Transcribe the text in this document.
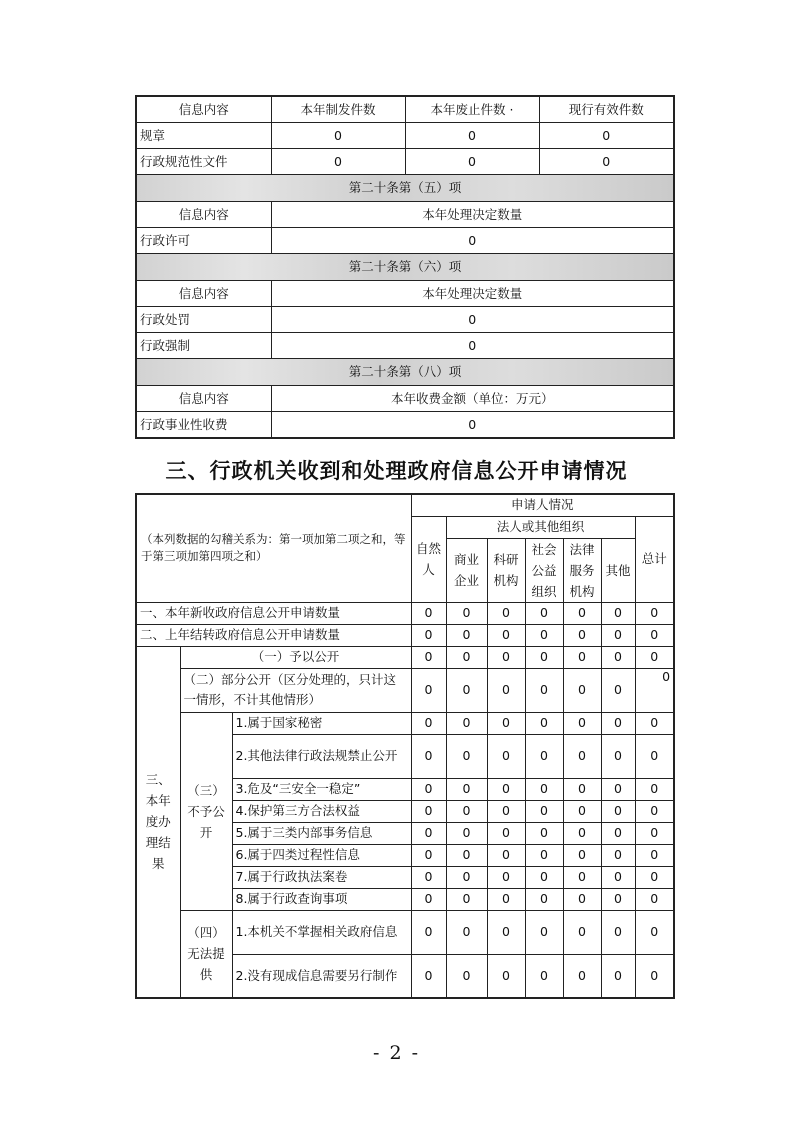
信息内容	本年制发件数	本年废止件数 ·	现行有效件数
规章	0	0	0
行政规范性文件	0	0	0
第二十条第（五）项			
信息内容	本年处理决定数量		
行政许可	0		
第二十条第（六）项			
信息内容	本年处理决定数量		
行政处罚	0		
行政强制	0		
第二十条第（八）项			
信息内容	本年收费金额（单位：万元）		
行政事业性收费	0		
三、行政机关收到和处理政府信息公开申请情况
（本列数据的勾稽关系为：第一项加第二项之和，等于第三项加第四项之和）			申请人情况						
			自然人	法人或其他组织					总计
				商业企业	科研机构	社会公益组织	法律服务机构	其他	
一、本年新收政府信息公开申请数量			0	0	0	0	0	0	0
二、上年结转政府信息公开申请数量			0	0	0	0	0	0	0
三、本年度办理结果	（一）予以公开		0	0	0	0	0	0	0
	（二）部分公开（区分处理的，只计这一情形，不计其他情形）		0	0	0	0	0	0	0
	（三）不予公开	1.属于国家秘密	0	0	0	0	0	0	0
		2.其他法律行政法规禁止公开	0	0	0	0	0	0	0
		3.危及“三安全一稳定”	0	0	0	0	0	0	0
		4.保护第三方合法权益	0	0	0	0	0	0	0
		5.属于三类内部事务信息	0	0	0	0	0	0	0
		6.属于四类过程性信息	0	0	0	0	0	0	0
		7.属于行政执法案卷	0	0	0	0	0	0	0
		8.属于行政查询事项	0	0	0	0	0	0	0
	（四）无法提供	1.本机关不掌握相关政府信息	0	0	0	0	0	0	0
		2.没有现成信息需要另行制作	0	0	0	0	0	0	0
- 2 -
